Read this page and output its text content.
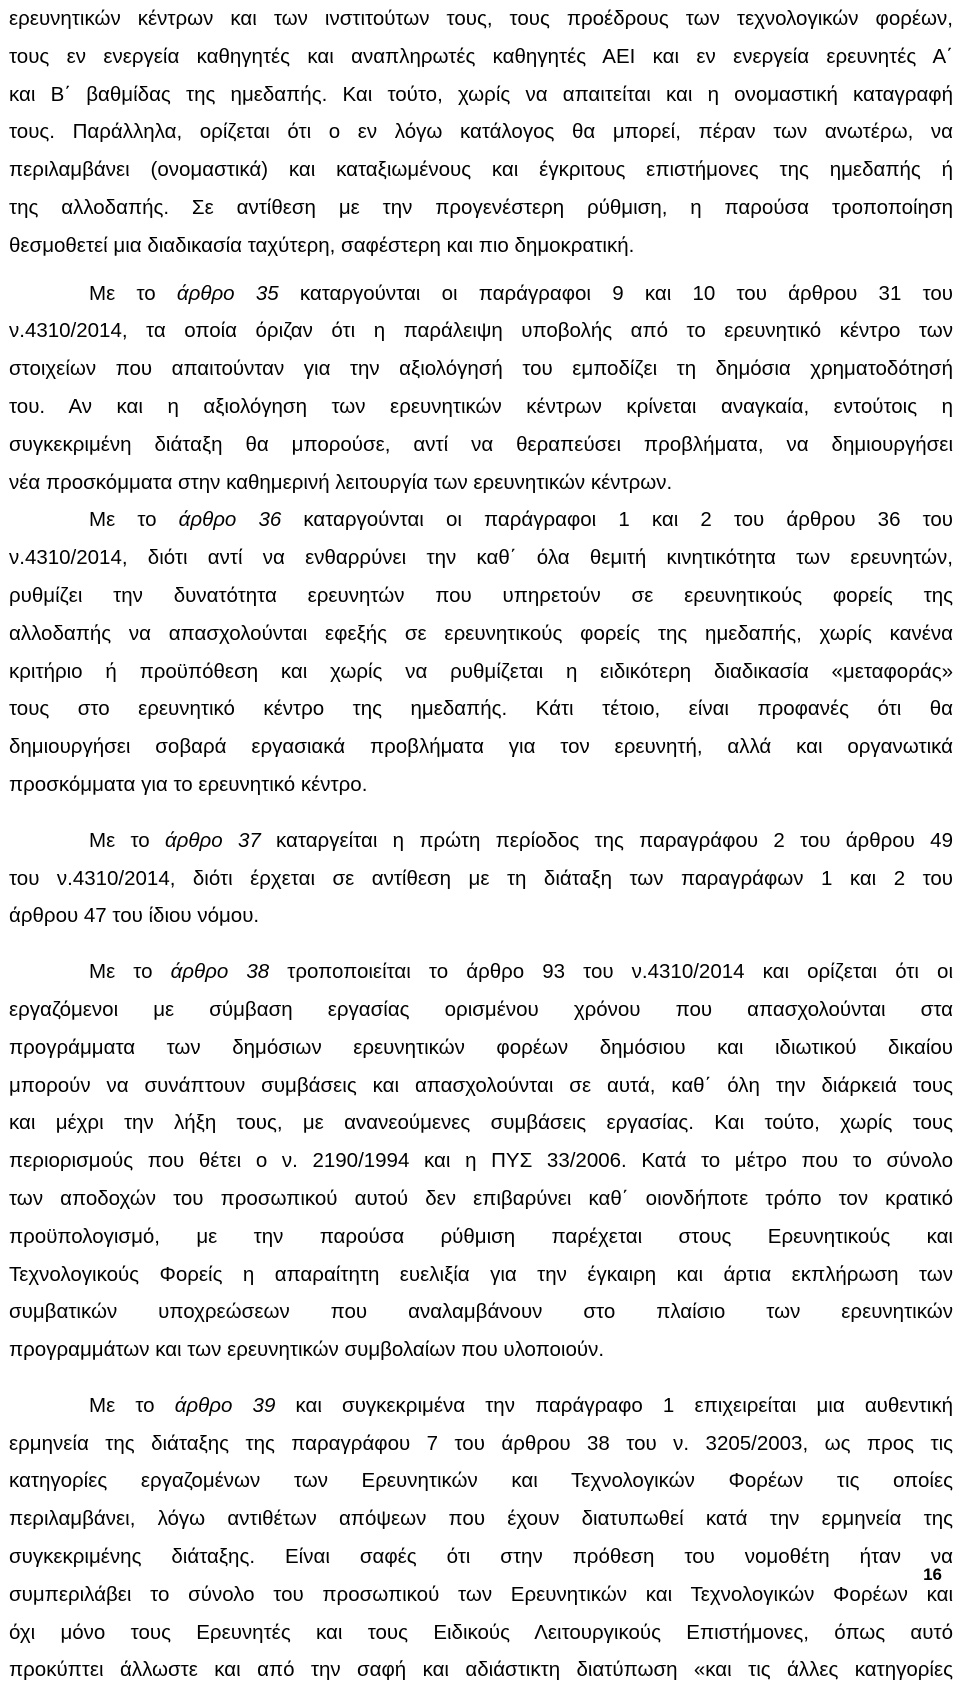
ερευνητικών κέντρων και των ινστιτούτων τους, τους προέδρους των τεχνολογικών φορέων,
τους εν ενεργεία καθηγητές και αναπληρωτές καθηγητές ΑΕΙ και εν ενεργεία ερευνητές Α΄
και Β΄ βαθμίδας της ημεδαπής. Και τούτο, χωρίς να απαιτείται και η ονομαστική καταγραφή
τους. Παράλληλα, ορίζεται ότι ο εν λόγω κατάλογος θα μπορεί, πέραν των ανωτέρω, να
περιλαμβάνει (ονομαστικά) και καταξιωμένους και έγκριτους επιστήμονες της ημεδαπής ή
της αλλοδαπής. Σε αντίθεση με την προγενέστερη ρύθμιση, η παρούσα τροποποίηση
θεσμοθετεί μια διαδικασία ταχύτερη, σαφέστερη και πιο δημοκρατική.

Με το άρθρο 35 καταργούνται οι παράγραφοι 9 και 10 του άρθρου 31 του
ν.4310/2014, τα οποία όριζαν ότι η παράλειψη υποβολής από το ερευνητικό κέντρο των
στοιχείων που απαιτούνταν για την αξιολόγησή του εμποδίζει τη δημόσια χρηματοδότησή
του. Αν και η αξιολόγηση των ερευνητικών κέντρων κρίνεται αναγκαία, εντούτοις η
συγκεκριμένη διάταξη θα μπορούσε, αντί να θεραπεύσει προβλήματα, να δημιουργήσει
νέα προσκόμματα στην καθημερινή λειτουργία των ερευνητικών κέντρων.

Με το άρθρο 36 καταργούνται οι παράγραφοι 1 και 2 του άρθρου 36 του
ν.4310/2014, διότι αντί να ενθαρρύνει την καθ΄ όλα θεμιτή κινητικότητα των ερευνητών,
ρυθμίζει την δυνατότητα ερευνητών που υπηρετούν σε ερευνητικούς φορείς της
αλλοδαπής να απασχολούνται εφεξής σε ερευνητικούς φορείς της ημεδαπής, χωρίς κανένα
κριτήριο ή προϋπόθεση και χωρίς να ρυθμίζεται η ειδικότερη διαδικασία «μεταφοράς»
τους στο ερευνητικό κέντρο της ημεδαπής. Κάτι τέτοιο, είναι προφανές ότι θα
δημιουργήσει σοβαρά εργασιακά προβλήματα για τον ερευνητή, αλλά και οργανωτικά
προσκόμματα για το ερευνητικό κέντρο.

Με το άρθρο 37 καταργείται η πρώτη περίοδος της παραγράφου 2 του άρθρου 49
του ν.4310/2014, διότι έρχεται σε αντίθεση με τη διάταξη των παραγράφων 1 και 2 του
άρθρου 47 του ίδιου νόμου.

Με το άρθρο 38 τροποποιείται το άρθρο 93 του ν.4310/2014 και ορίζεται ότι οι
εργαζόμενοι με σύμβαση εργασίας ορισμένου χρόνου που απασχολούνται στα
προγράμματα των δημόσιων ερευνητικών φορέων δημόσιου και ιδιωτικού δικαίου
μπορούν να συνάπτουν συμβάσεις και απασχολούνται σε αυτά, καθ΄ όλη την διάρκειά τους
και μέχρι την λήξη τους, με ανανεούμενες συμβάσεις εργασίας. Και τούτο, χωρίς τους
περιορισμούς που θέτει ο ν. 2190/1994 και η ΠΥΣ 33/2006. Κατά το μέτρο που το σύνολο
των αποδοχών του προσωπικού αυτού δεν επιβαρύνει καθ΄ οιονδήποτε τρόπο τον κρατικό
προϋπολογισμό, με την παρούσα ρύθμιση παρέχεται στους Ερευνητικούς και
Τεχνολογικούς Φορείς η απαραίτητη ευελιξία για την έγκαιρη και άρτια εκπλήρωση των
συμβατικών υποχρεώσεων που αναλαμβάνουν στο πλαίσιο των ερευνητικών
προγραμμάτων και των ερευνητικών συμβολαίων που υλοποιούν.

Με το άρθρο 39 και συγκεκριμένα την παράγραφο 1 επιχειρείται μια αυθεντική
ερμηνεία της διάταξης της παραγράφου 7 του άρθρου 38 του ν. 3205/2003, ως προς τις
κατηγορίες εργαζομένων των Ερευνητικών και Τεχνολογικών Φορέων τις οποίες
περιλαμβάνει, λόγω αντιθέτων απόψεων που έχουν διατυπωθεί κατά την ερμηνεία της
συγκεκριμένης διάταξης. Είναι σαφές ότι στην πρόθεση του νομοθέτη ήταν να
συμπεριλάβει το σύνολο του προσωπικού των Ερευνητικών και Τεχνολογικών Φορέων και
όχι μόνο τους Ερευνητές και τους Ειδικούς Λειτουργικούς Επιστήμονες, όπως αυτό
προκύπτει άλλωστε και από την σαφή και αδιάστικτη διατύπωση «και τις άλλες κατηγορίες

16
